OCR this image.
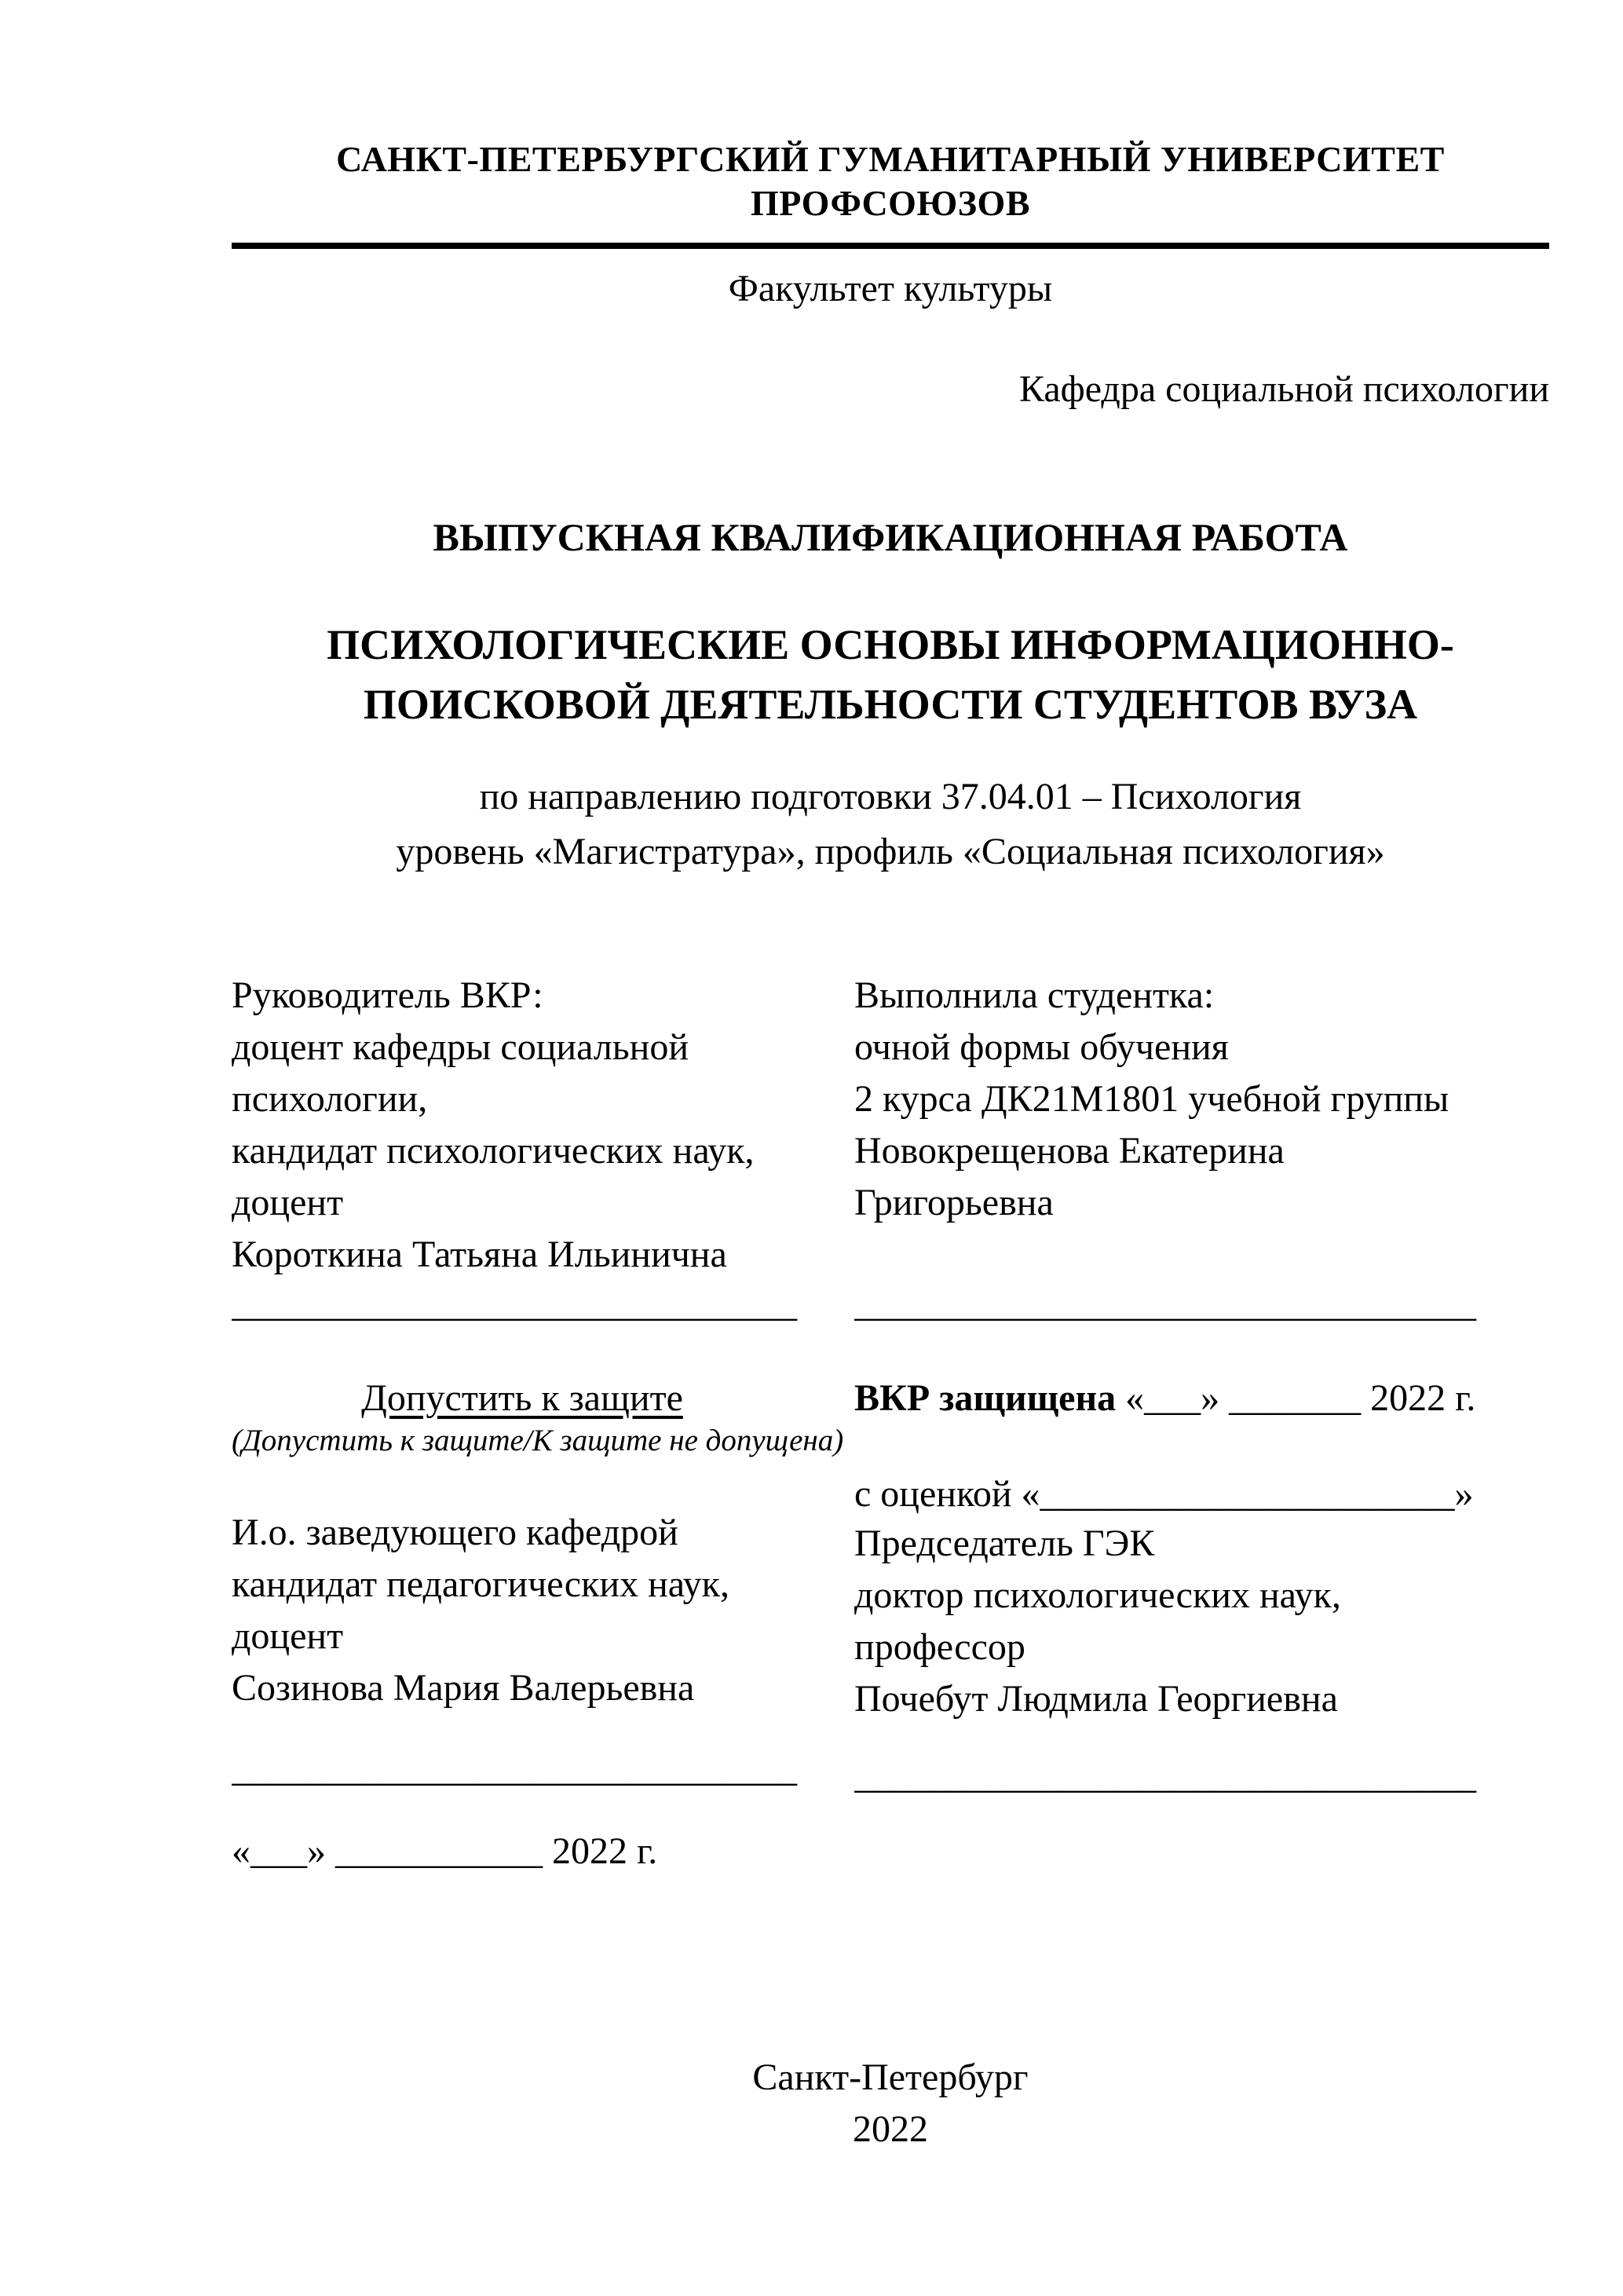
САНКТ-ПЕТЕРБУРГСКИЙ ГУМАНИТАРНЫЙ УНИВЕРСИТЕТ ПРОФСОЮЗОВ
Факультет культуры
Кафедра социальной психологии
ВЫПУСКНАЯ КВАЛИФИКАЦИОННАЯ РАБОТА
ПСИХОЛОГИЧЕСКИЕ ОСНОВЫ ИНФОРМАЦИОННО-
ПОИСКОВОЙ ДЕЯТЕЛЬНОСТИ СТУДЕНТОВ ВУЗА
по направлению подготовки 37.04.01 – Психология
уровень «Магистратура», профиль «Социальная психология»
Руководитель ВКР:
доцент кафедры социальной
психологии,
кандидат психологических наук,
доцент
Короткина Татьяна Ильинична
______________________________
Выполнила студентка:
очной формы обучения
2 курса ДК21М1801 учебной группы
Новокрещенова Екатерина
Григорьевна
_________________________________
Допустить к защите
(Допустить к защите/К защите не допущена)
И.о. заведующего кафедрой
кандидат педагогических наук,
доцент
Созинова Мария Валерьевна
______________________________
«___» ___________ 2022 г.
ВКР защищена «___» _______ 2022 г.
с оценкой «______________________»
Председатель ГЭК
доктор психологических наук,
профессор
Почебут Людмила Георгиевна
_________________________________
Санкт-Петербург
2022
